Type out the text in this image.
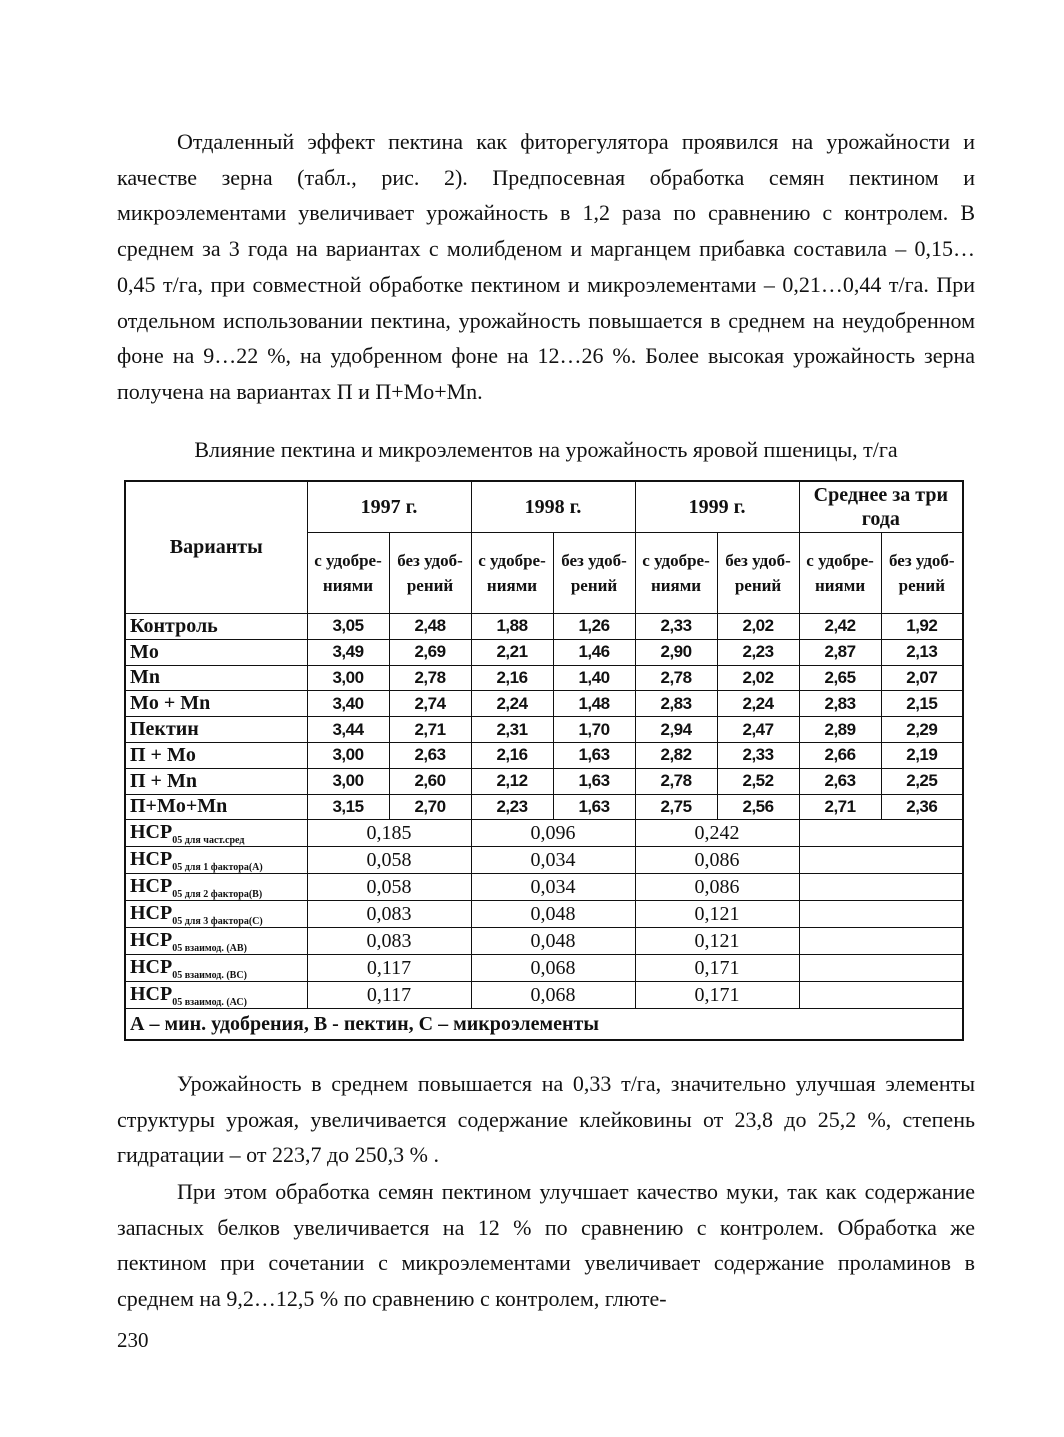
Отдаленный эффект пектина как фиторегулятора проявился на урожайности и качестве зерна (табл., рис. 2). Предпосевная обработка семян пектином и микроэлементами увеличивает урожайность в 1,2 раза по сравнению с контролем. В среднем за 3 года на вариантах с молибденом и марганцем прибавка составила – 0,15…0,45 т/га, при совместной обработке пектином и микроэлементами – 0,21…0,44 т/га. При отдельном использовании пектина, урожайность повышается в среднем на неудобренном фоне на 9…22 %, на удобренном фоне на 12…26 %. Более высокая урожайность зерна получена на вариантах П и П+Mo+Mn.

Влияние пектина и микроэлементов на урожайность яровой пшеницы, т/га

Варианты	1997 г.		1998 г.		1999 г.		Среднее за три года	
	с удобре-ниями	без удоб-рений	с удобре-ниями	без удоб-рений	с удобре-ниями	без удоб-рений	с удобре-ниями	без удоб-рений
Контроль	3,05	2,48	1,88	1,26	2,33	2,02	2,42	1,92
Mo	3,49	2,69	2,21	1,46	2,90	2,23	2,87	2,13
Mn	3,00	2,78	2,16	1,40	2,78	2,02	2,65	2,07
Mo + Mn	3,40	2,74	2,24	1,48	2,83	2,24	2,83	2,15
Пектин	3,44	2,71	2,31	1,70	2,94	2,47	2,89	2,29
П + Mo	3,00	2,63	2,16	1,63	2,82	2,33	2,66	2,19
П + Mn	3,00	2,60	2,12	1,63	2,78	2,52	2,63	2,25
П+Mo+Mn	3,15	2,70	2,23	1,63	2,75	2,56	2,71	2,36
$НСР_{05 для част.сред}$	0,185		0,096		0,242			
$НСР_{05 для 1 фактора(А)}$	0,058		0,034		0,086			
$НСР_{05 для 2 фактора(В)}$	0,058		0,034		0,086			
$НСР_{05 для 3 фактора(С)}$	0,083		0,048		0,121			
$НСР_{05 взаимод. (АВ)}$	0,083		0,048		0,121			
$НСР_{05 взаимод. (ВС)}$	0,117		0,068		0,171			
$НСР_{05 взаимод. (АС)}$	0,117		0,068		0,171			
А – мин. удобрения, В - пектин, С – микроэлементы								

Урожайность в среднем повышается на 0,33 т/га, значительно улучшая элементы структуры урожая, увеличивается содержание клейковины от 23,8 до 25,2 %, степень гидратации – от 223,7 до 250,3 % .

При этом обработка семян пектином улучшает качество муки, так как содержание запасных белков увеличивается на 12 % по сравнению с контролем. Обработка же пектином при сочетании с микроэлементами увеличивает содержание проламинов в среднем на 9,2…12,5 % по сравнению с контролем, глюте-

230
